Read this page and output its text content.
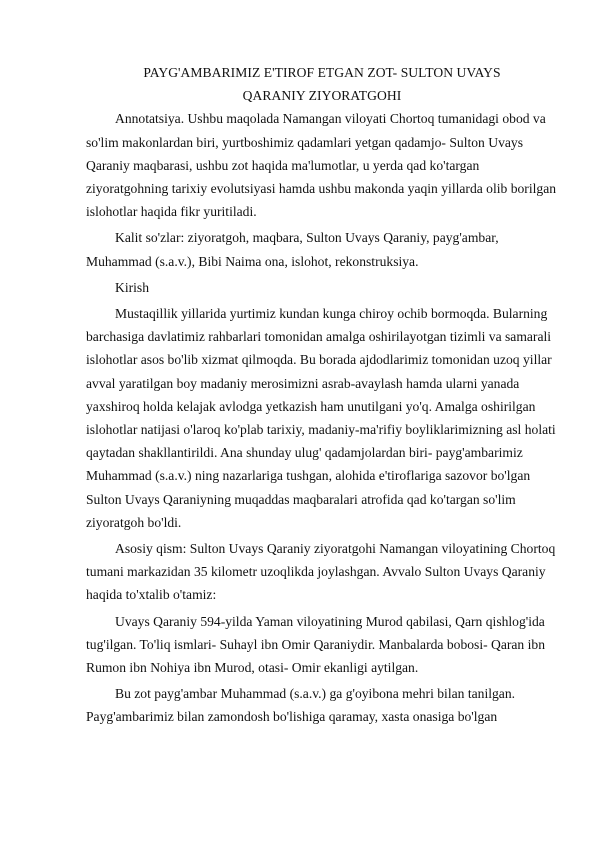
PAYG'AMBARIMIZ E'TIROF ETGAN ZOT- SULTON UVAYS
QARANIY ZIYORATGOHI

Annotatsiya. Ushbu maqolada Namangan viloyati Chortoq tumanidagi obod va so'lim makonlardan biri, yurtboshimiz qadamlari yetgan qadamjo- Sulton Uvays Qaraniy maqbarasi, ushbu zot haqida ma'lumotlar, u yerda qad ko'targan ziyoratgohning tarixiy evolutsiyasi hamda ushbu makonda yaqin yillarda olib borilgan islohotlar haqida fikr yuritiladi.

Kalit so'zlar: ziyoratgoh, maqbara, Sulton Uvays Qaraniy, payg'ambar, Muhammad (s.a.v.), Bibi Naima ona, islohot, rekonstruksiya.

Kirish

Mustaqillik yillarida yurtimiz kundan kunga chiroy ochib bormoqda. Bularning barchasiga davlatimiz rahbarlari tomonidan amalga oshirilayotgan tizimli va samarali islohotlar asos bo'lib xizmat qilmoqda. Bu borada ajdodlarimiz tomonidan uzoq yillar avval yaratilgan boy madaniy merosimizni asrab-avaylash hamda ularni yanada yaxshiroq holda kelajak avlodga yetkazish ham unutilgani yo'q. Amalga oshirilgan islohotlar natijasi o'laroq ko'plab tarixiy, madaniy-ma'rifiy boyliklarimizning asl holati qaytadan shakllantirildi. Ana shunday ulug' qadamjolardan biri- payg'ambarimiz Muhammad (s.a.v.) ning nazarlariga tushgan, alohida e'tiroflariga sazovor bo'lgan Sulton Uvays Qaraniyning muqaddas maqbaralari atrofida qad ko'targan so'lim ziyoratgoh bo'ldi.

Asosiy qism: Sulton Uvays Qaraniy ziyoratgohi Namangan viloyatining Chortoq tumani markazidan 35 kilometr uzoqlikda joylashgan. Avvalo Sulton Uvays Qaraniy haqida to'xtalib o'tamiz:

Uvays Qaraniy 594-yilda Yaman viloyatining Murod qabilasi, Qarn qishlog'ida tug'ilgan. To'liq ismlari- Suhayl ibn Omir Qaraniydir. Manbalarda bobosi- Qaran ibn Rumon ibn Nohiya ibn Murod, otasi- Omir ekanligi aytilgan.

Bu zot payg'ambar Muhammad (s.a.v.) ga g'oyibona mehri bilan tanilgan. Payg'ambarimiz bilan zamondosh bo'lishiga qaramay, xasta onasiga bo'lgan
